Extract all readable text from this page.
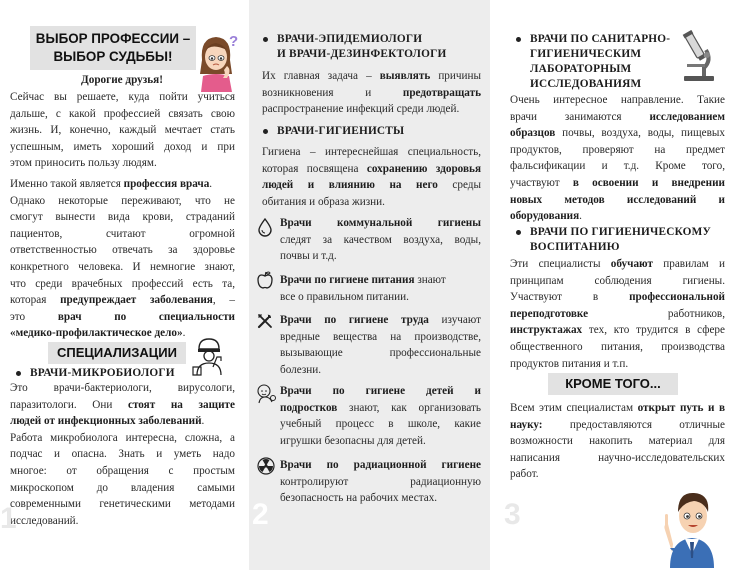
ВЫБОР ПРОФЕССИИ –
ВЫБОР СУДЬБЫ!
?
Дорогие друзья!
Сейчас вы решаете, куда пойти учиться
дальше, с какой профессией связать свою
жизнь. И, конечно, каждый мечтает стать
успешным, иметь хороший доход и при
этом приносить пользу людям.
Именно такой является профессия врача.
Однако некоторые переживают, что не
смогут вынести вида крови, страданий
пациентов, считают огромной
ответственностью отвечать за здоровье
конкретного человека. И немногие знают,
что среди врачебных профессий есть та,
которая предупреждает заболевания, –
это врач по специальности
«медико-профилактическое дело».
СПЕЦИАЛИЗАЦИИ
ВРАЧИ-МИКРОБИОЛОГИ
Это врачи-бактериологи, вирусологи,
паразитологи. Они стоят на защите
людей от инфекционных заболеваний.
Работа микробиолога интересна, сложна, а
подчас и опасна. Знать и уметь надо
многое: от обращения с простым
микроскопом до владения самыми
современными генетическими методами
исследований.
1
ВРАЧИ-ЭПИДЕМИОЛОГИ
И ВРАЧИ-ДЕЗИНФЕКТОЛОГИ
Их главная задача – выявлять причины
возникновения и предотвращать
распространение инфекций среди людей.
ВРАЧИ-ГИГИЕНИСТЫ
Гигиена – интереснейшая специальность,
которая посвящена сохранению здоровья
людей и влиянию на него среды
обитания и образа жизни.
Врачи коммунальной гигиены
следят за качеством воздуха, воды,
почвы и т.д.
Врачи по гигиене питания знают
все о правильном питании.
Врачи по гигиене труда изучают
вредные вещества на производстве,
вызывающие профессиональные
болезни.
Врачи по гигиене детей и
подростков знают, как организовать
учебный процесс в школе, какие
игрушки безопасны для детей.
Врачи по радиационной гигиене
контролируют радиационную
безопасность на рабочих местах.
2
ВРАЧИ ПО САНИТАРНО-
ГИГИЕНИЧЕСКИМ
ЛАБОРАТОРНЫМ
ИССЛЕДОВАНИЯМ
Очень интересное направление. Такие
врачи занимаются исследованием
образцов почвы, воздуха, воды, пищевых
продуктов, проверяют на предмет
фальсификации и т.д. Кроме того,
участвуют в освоении и внедрении
новых методов исследований и
оборудования.
ВРАЧИ ПО ГИГИЕНИЧЕСКОМУ
ВОСПИТАНИЮ
Эти специалисты обучают правилам и
принципам соблюдения гигиены.
Участвуют в профессиональной
переподготовке работников,
инструктажах тех, кто трудится в сфере
общественного питания, производства
продуктов питания и т.п.
КРОМЕ ТОГО...
Всем этим специалистам открыт путь и в
науку: предоставляются отличные
возможности накопить материал для
написания научно-исследовательских
работ.
3
